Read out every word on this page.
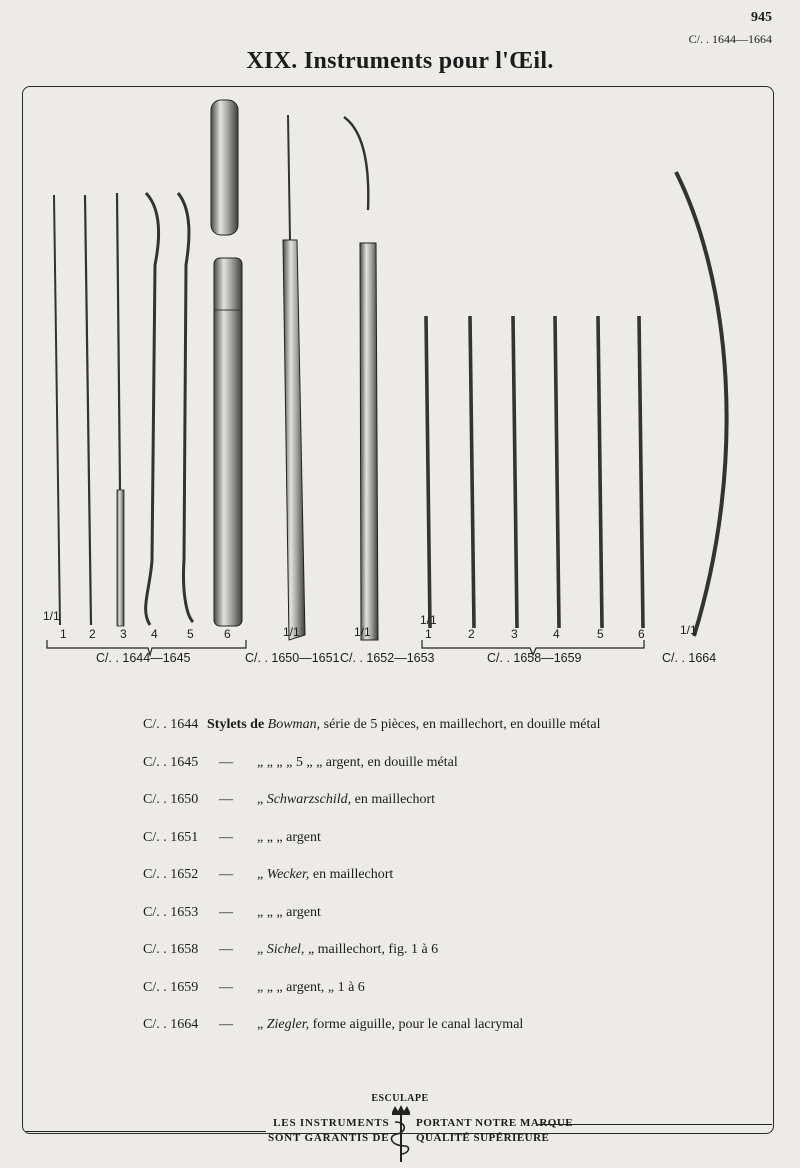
945
C/. . 1644—1664
XIX. Instruments pour l'Œil.
1/1
1 2 3 4 5	6	1/1	1/1
1/1
1	2	3	4	5	6	1/1
C/. . 1644—1645	C/. . 1650—1651 C/. . 1652—1653	C/. . 1658—1659	C/. . 1664
C/. . 1644 Stylets de Bowman, série de 5 pièces, en maillechort, en douille métal
C/. . 1645	— „ „ „ „ 5 „ „ argent, en douille métal
C/. . 1650	— „ Schwarzschild, en maillechort
C/. . 1651	— „ „ „ argent
C/. . 1652	— „ Wecker, en maillechort
C/. . 1653	— „ „ „ argent
C/. . 1658	— „ Sichel, „ maillechort, fig. 1 à 6
C/. . 1659	— „ „ „ argent, „ 1 à 6
C/. . 1664	— „ Ziegler, forme aiguille, pour le canal lacrymal
ESCULAPE
LES INSTRUMENTS
SONT GARANTIS DE
PORTANT NOTRE MARQUE
QUALITÉ SUPÉRIEURE
